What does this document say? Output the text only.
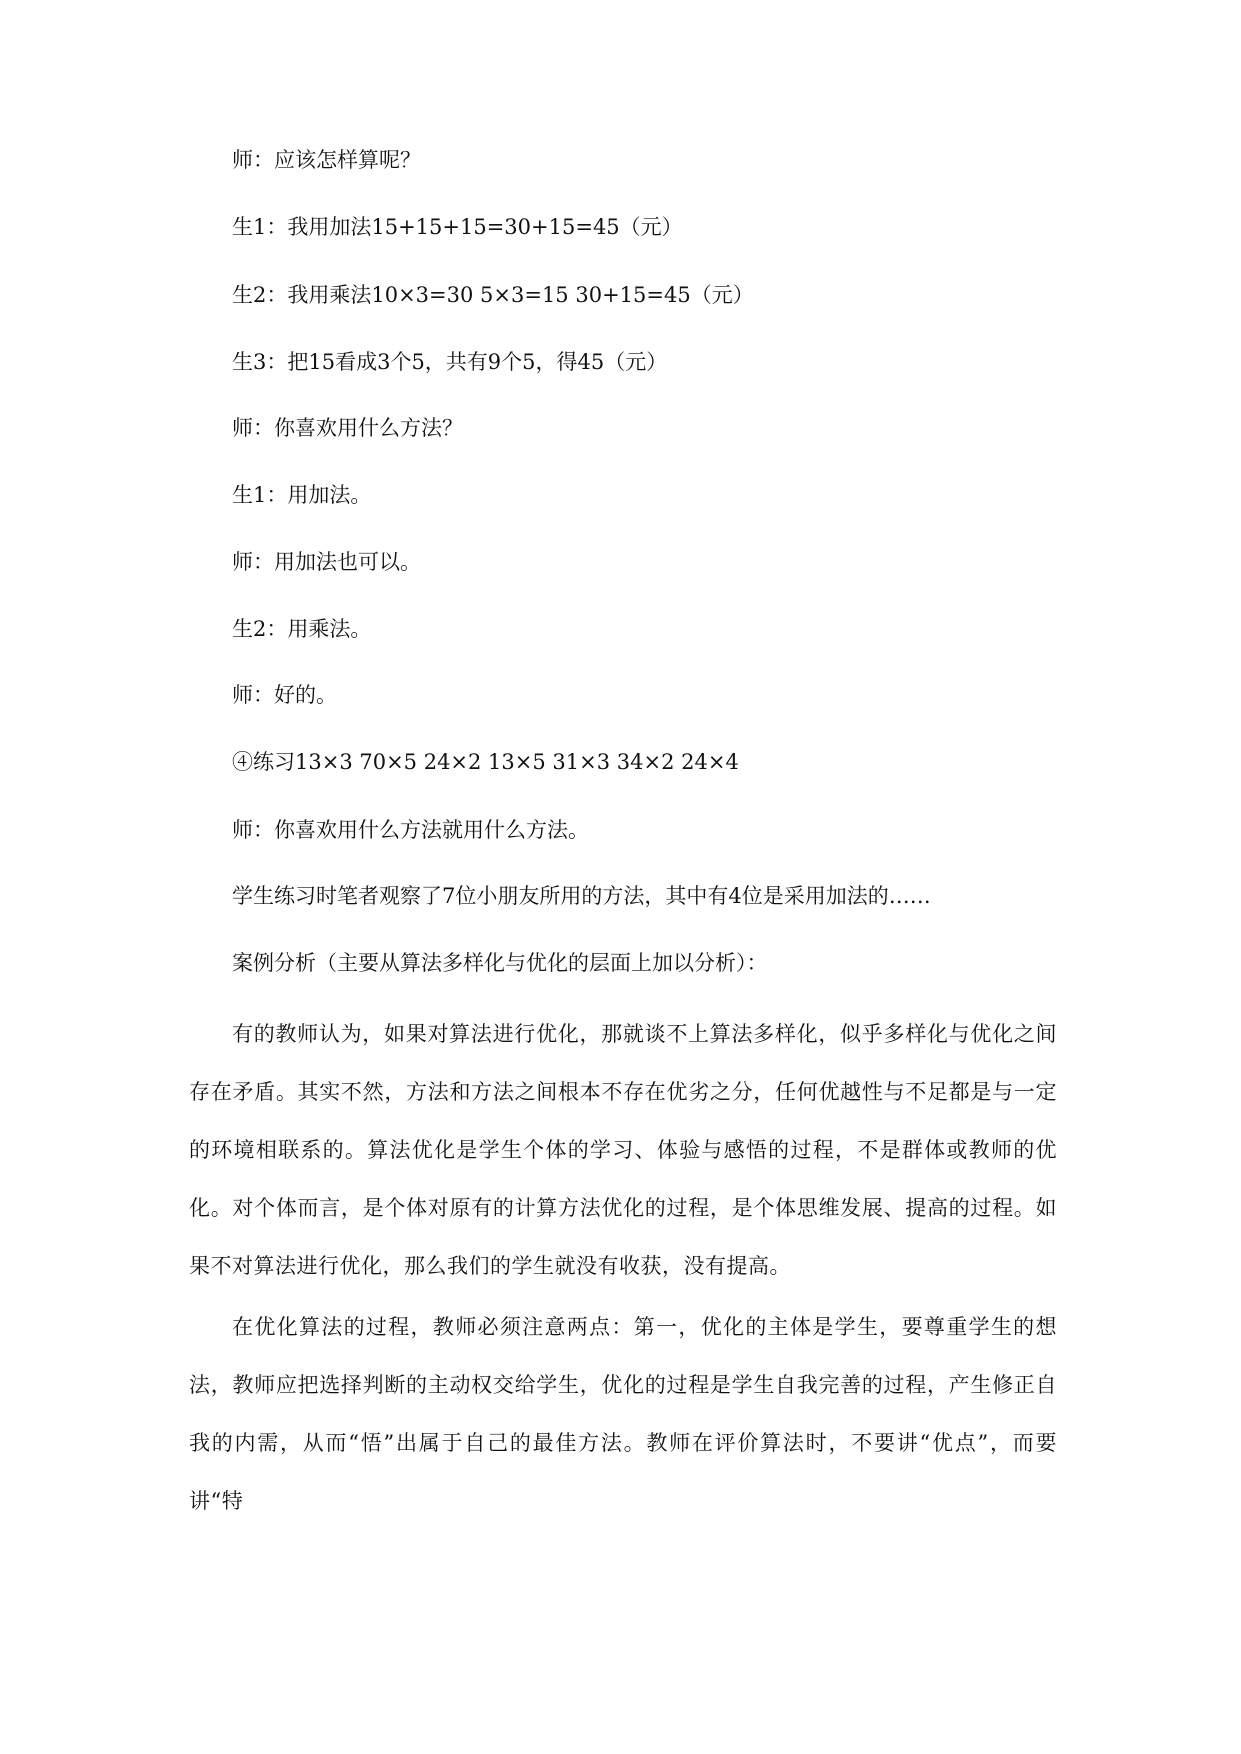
师：应该怎样算呢？
生1：我用加法15+15+15=30+15=45（元）
生2：我用乘法10×3=30 5×3=15 30+15=45（元）
生3：把15看成3个5，共有9个5，得45（元）
师：你喜欢用什么方法？
生1：用加法。
师：用加法也可以。
生2：用乘法。
师：好的。
④练习13×3 70×5 24×2 13×5 31×3 34×2 24×4
师：你喜欢用什么方法就用什么方法。
学生练习时笔者观察了7位小朋友所用的方法，其中有4位是采用加法的……
案例分析（主要从算法多样化与优化的层面上加以分析）：
有的教师认为，如果对算法进行优化，那就谈不上算法多样化，似乎多样化与优化之间存在矛盾。其实不然，方法和方法之间根本不存在优劣之分，任何优越性与不足都是与一定的环境相联系的。算法优化是学生个体的学习、体验与感悟的过程，不是群体或教师的优化。对个体而言，是个体对原有的计算方法优化的过程，是个体思维发展、提高的过程。如果不对算法进行优化，那么我们的学生就没有收获，没有提高。
在优化算法的过程，教师必须注意两点：第一，优化的主体是学生，要尊重学生的想法，教师应把选择判断的主动权交给学生，优化的过程是学生自我完善的过程，产生修正自我的内需，从而“悟”出属于自己的最佳方法。教师在评价算法时，不要讲“优点”，而要讲“特
